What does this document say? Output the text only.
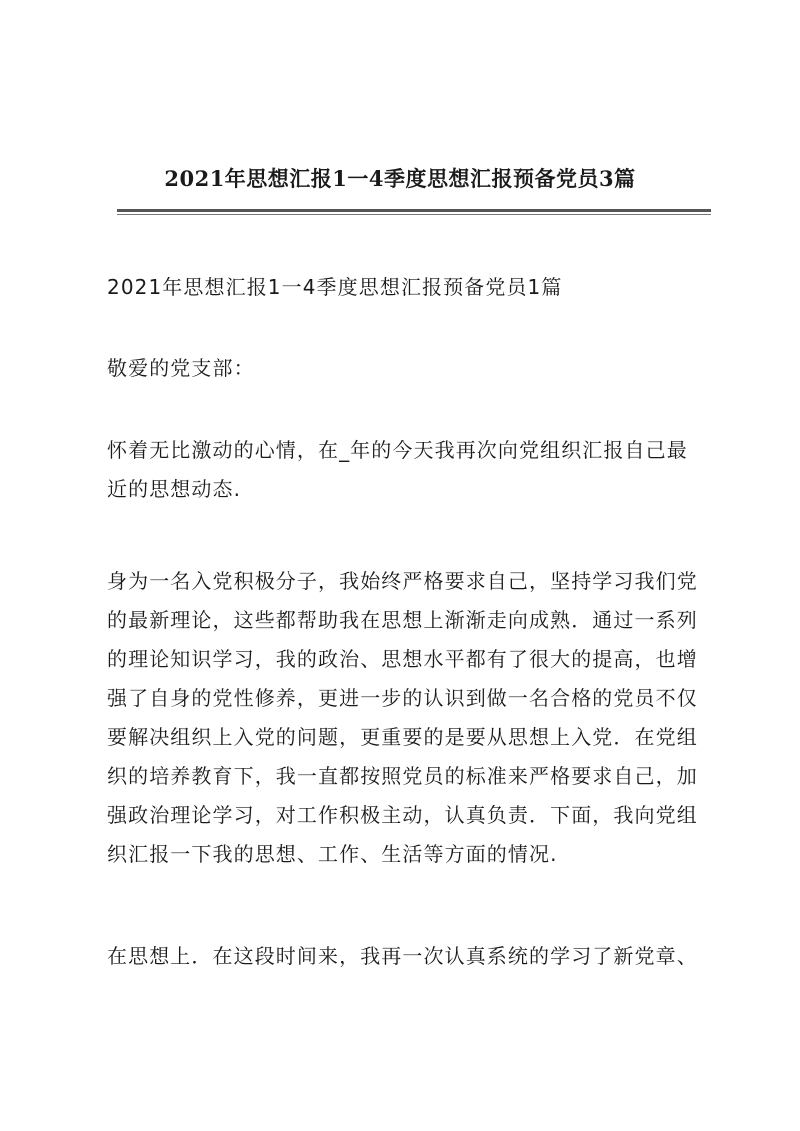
2021年思想汇报1一4季度思想汇报预备党员3篇
2021年思想汇报1一4季度思想汇报预备党员1篇
敬爱的党支部：

怀着无比激动的心情，在_年的今天我再次向党组织汇报自己最近的思想动态.

身为一名入党积极分子，我始终严格要求自己，坚持学习我们党的最新理论，这些都帮助我在思想上渐渐走向成熟．通过一系列的理论知识学习，我的政治、思想水平都有了很大的提高，也增强了自身的党性修养，更进一步的认识到做一名合格的党员不仅要解决组织上入党的问题，更重要的是要从思想上入党．在党组织的培养教育下，我一直都按照党员的标准来严格要求自己，加强政治理论学习，对工作积极主动，认真负责．下面，我向党组织汇报一下我的思想、工作、生活等方面的情况.

在思想上．在这段时间来，我再一次认真系统的学习了新党章、
